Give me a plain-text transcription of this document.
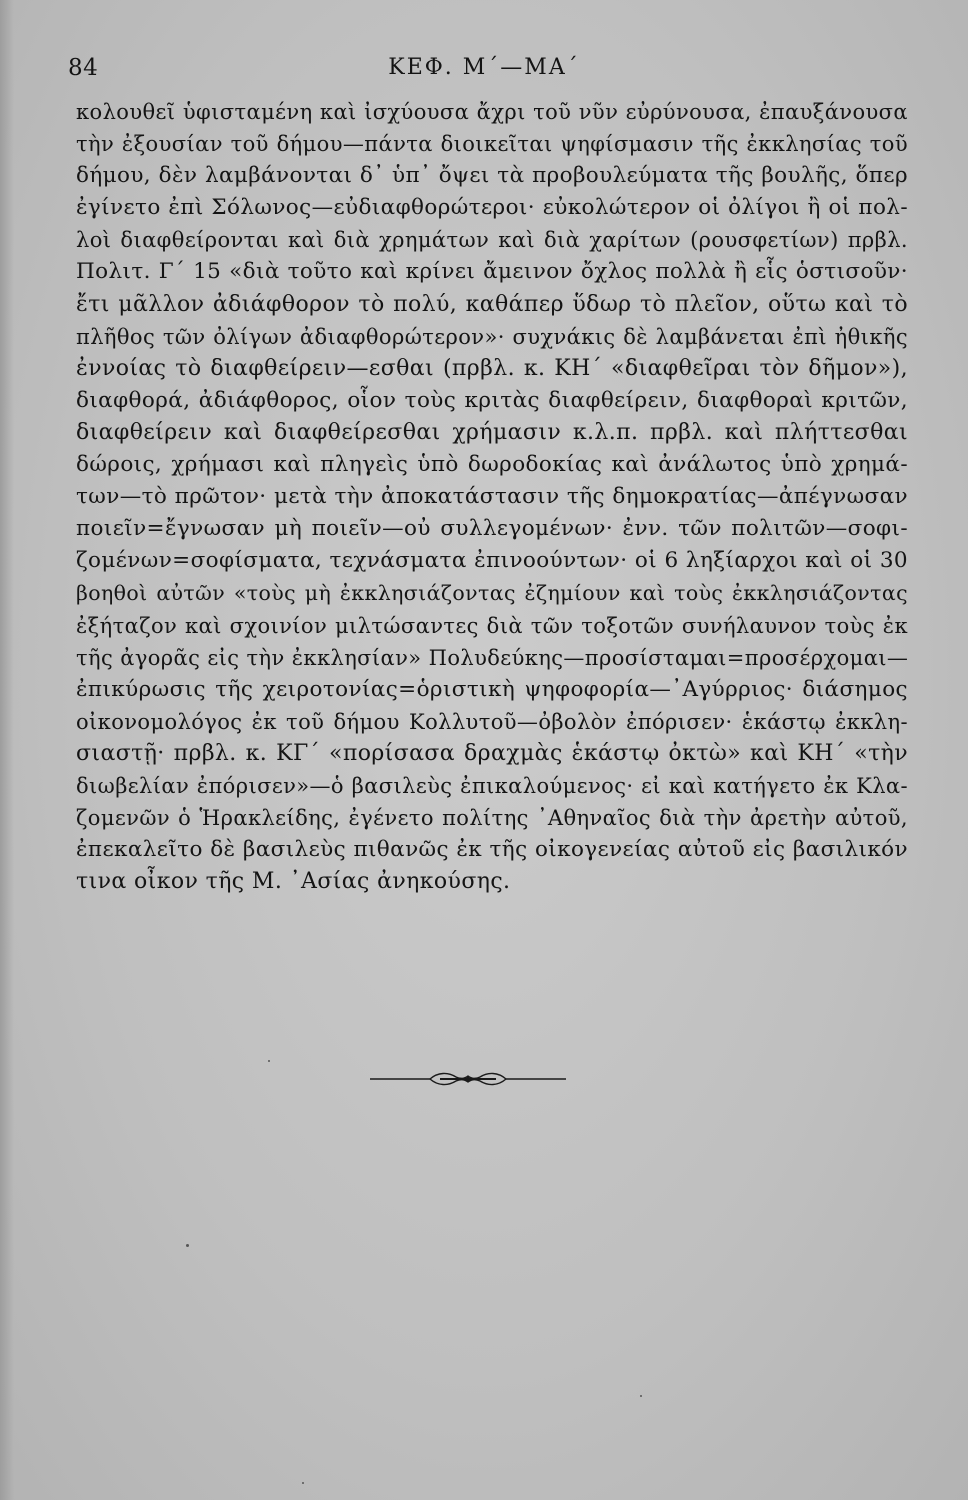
84	ΚΕΦ. Μ΄—ΜΑ΄
κολουθεῖ ὑφισταμένη καὶ ἰσχύουσα ἄχρι τοῦ νῦν εὐρύνουσα, ἐπαυξάνουσα
τὴν ἐξουσίαν τοῦ δήμου—πάντα διοικεῖται ψηφίσμασιν τῆς ἐκκλησίας τοῦ
δήμου, δὲν λαμβάνονται δ᾽ ὑπ᾽ ὄψει τὰ προβουλεύματα τῆς βουλῆς, ὅπερ
ἐγίνετο ἐπὶ Σόλωνος—εὐδιαφθορώτεροι· εὐκολώτερον οἱ ὀλίγοι ἢ οἱ πολ-
λοὶ διαφθείρονται καὶ διὰ χρημάτων καὶ διὰ χαρίτων (ρουσφετίων) πρβλ.
Πολιτ. Γ΄ 15 «διὰ τοῦτο καὶ κρίνει ἄμεινον ὄχλος πολλὰ ἢ εἷς ὁστισοῦν·
ἔτι μᾶλλον ἀδιάφθορον τὸ πολύ, καθάπερ ὕδωρ τὸ πλεῖον, οὕτω καὶ τὸ
πλῆθος τῶν ὀλίγων ἀδιαφθορώτερον»· συχνάκις δὲ λαμβάνεται ἐπὶ ἠθικῆς
ἐννοίας τὸ διαφθείρειν—εσθαι (πρβλ. κ. ΚΗ΄ «διαφθεῖραι τὸν δῆμον»),
διαφθορά, ἀδιάφθορος, οἷον τοὺς κριτὰς διαφθείρειν, διαφθοραὶ κριτῶν,
διαφθείρειν καὶ διαφθείρεσθαι χρήμασιν κ.λ.π. πρβλ. καὶ πλήττεσθαι
δώροις, χρήμασι καὶ πληγεὶς ὑπὸ δωροδοκίας καὶ ἀνάλωτος ὑπὸ χρημά-
των—τὸ πρῶτον· μετὰ τὴν ἀποκατάστασιν τῆς δημοκρατίας—ἀπέγνωσαν
ποιεῖν=ἔγνωσαν μὴ ποιεῖν—οὐ συλλεγομένων· ἐνν. τῶν πολιτῶν—σοφι-
ζομένων=σοφίσματα, τεχνάσματα ἐπινοούντων· οἱ 6 ληξίαρχοι καὶ οἱ 30
βοηθοὶ αὐτῶν «τοὺς μὴ ἐκκλησιάζοντας ἐζημίουν καὶ τοὺς ἐκκλησιάζοντας
ἐξήταζον καὶ σχοινίον μιλτώσαντες διὰ τῶν τοξοτῶν συνήλαυνον τοὺς ἐκ
τῆς ἀγορᾶς εἰς τὴν ἐκκλησίαν» Πολυδεύκης—προσίσταμαι=προσέρχομαι—
ἐπικύρωσις τῆς χειροτονίας=ὁριστικὴ ψηφοφορία—᾿Αγύρριος· διάσημος
οἰκονομολόγος ἐκ τοῦ δήμου Κολλυτοῦ—ὀβολὸν ἐπόρισεν· ἑκάστῳ ἐκκλη-
σιαστῇ· πρβλ. κ. ΚΓ΄ «πορίσασα δραχμὰς ἑκάστῳ ὀκτὼ» καὶ ΚΗ΄ «τὴν
διωβελίαν ἐπόρισεν»—ὁ βασιλεὺς ἐπικαλούμενος· εἰ καὶ κατήγετο ἐκ Κλα-
ζομενῶν ὁ Ἡρακλείδης, ἐγένετο πολίτης ᾿Αθηναῖος διὰ τὴν ἀρετὴν αὐτοῦ,
ἐπεκαλεῖτο δὲ βασιλεὺς πιθανῶς ἐκ τῆς οἰκογενείας αὐτοῦ εἰς βασιλικόν
τινα οἶκον τῆς Μ. ᾿Ασίας ἀνηκούσης.
